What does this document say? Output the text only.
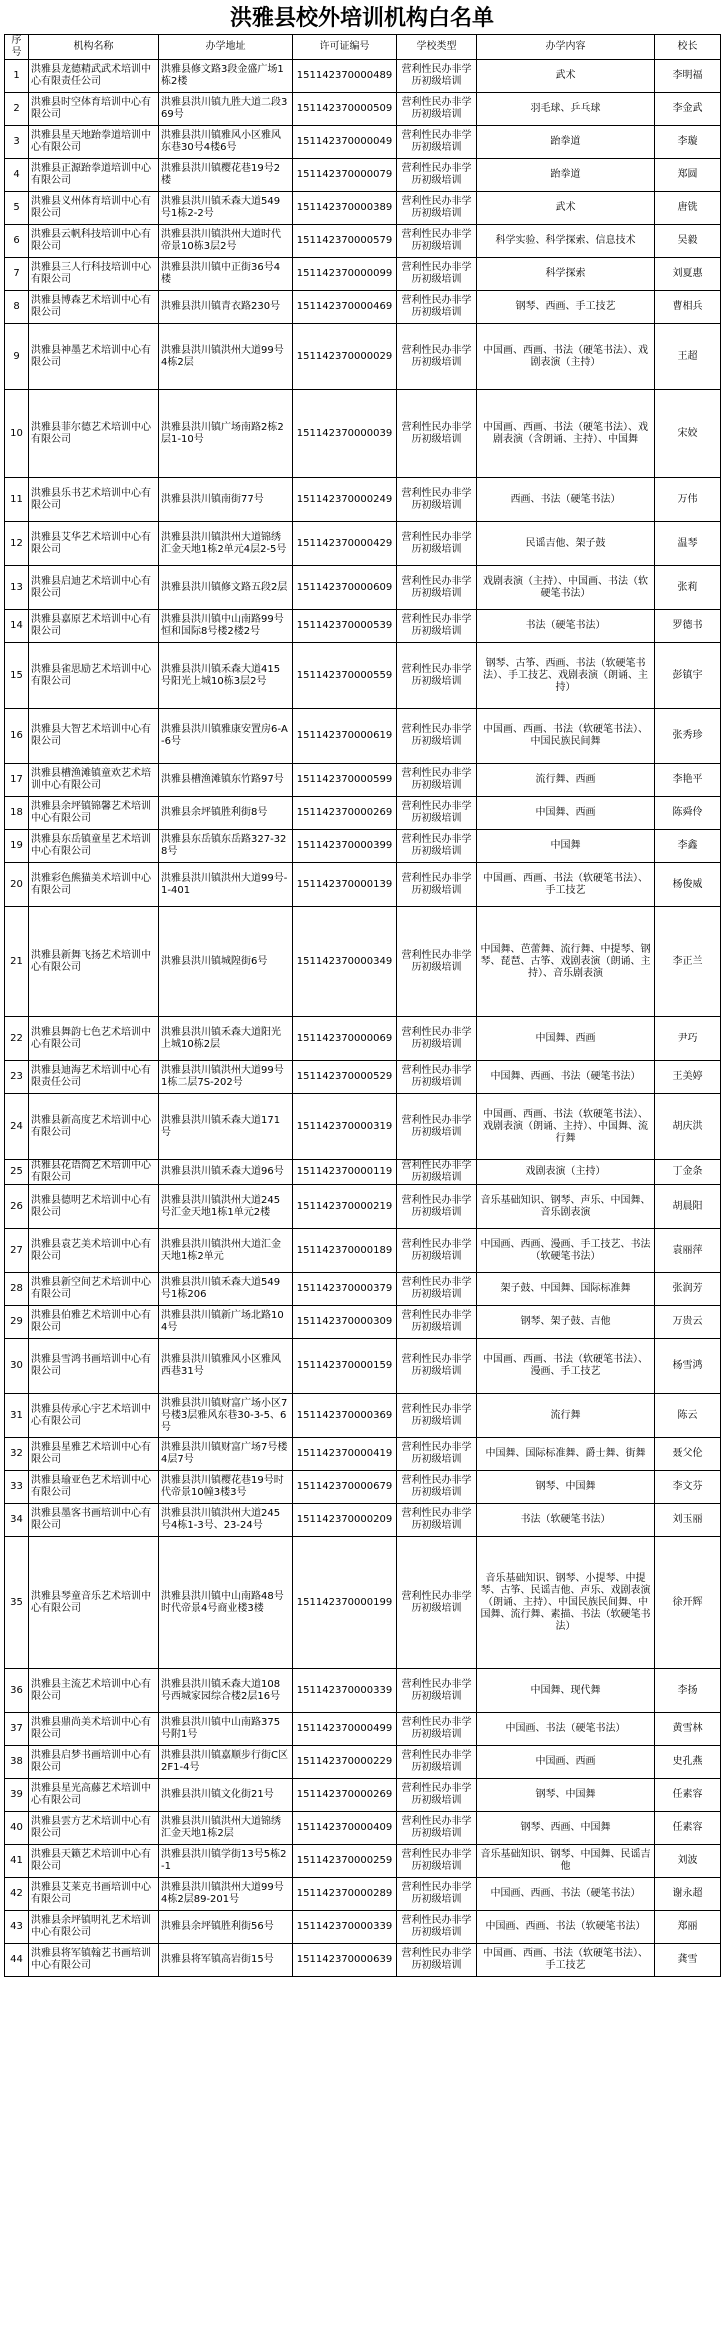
洪雅县校外培训机构白名单
序号	机构名称	办学地址	许可证编号	学校类型	办学内容	校长
1	洪雅县龙德精武武术培训中心有限责任公司	洪雅县修文路3段金盛广场1栋2楼	151142370000489	营利性民办非学历初级培训	武术	李明福
2	洪雅县时空体育培训中心有限公司	洪雅县洪川镇九胜大道二段369号	151142370000509	营利性民办非学历初级培训	羽毛球、乒乓球	李金武
3	洪雅县星天地跆拳道培训中心有限公司	洪雅县洪川镇雅风小区雅风东巷30号4楼6号	151142370000049	营利性民办非学历初级培训	跆拳道	李璇
4	洪雅县正源跆拳道培训中心有限公司	洪雅县洪川镇樱花巷19号2楼	151142370000079	营利性民办非学历初级培训	跆拳道	郑圆
5	洪雅县义州体育培训中心有限公司	洪雅县洪川镇禾森大道549号1栋2-2号	151142370000389	营利性民办非学历初级培训	武术	唐铣
6	洪雅县云帆科技培训中心有限公司	洪雅县洪川镇洪州大道时代帝景10栋3层2号	151142370000579	营利性民办非学历初级培训	科学实验、科学探索、信息技术	吴毅
7	洪雅县三人行科技培训中心有限公司	洪雅县洪川镇中正街36号4楼	151142370000099	营利性民办非学历初级培训	科学探索	刘夏惠
8	洪雅县博森艺术培训中心有限公司	洪雅县洪川镇青衣路230号	151142370000469	营利性民办非学历初级培训	钢琴、西画、手工技艺	曹相兵
9	洪雅县神墨艺术培训中心有限公司	洪雅县洪川镇洪州大道99号4栋2层	151142370000029	营利性民办非学历初级培训	中国画、西画、书法（硬笔书法）、戏剧表演（主持）	王超
10	洪雅县菲尔德艺术培训中心有限公司	洪雅县洪川镇广场南路2栋2层1-10号	151142370000039	营利性民办非学历初级培训	中国画、西画、书法（硬笔书法）、戏剧表演（含朗诵、主持）、中国舞	宋姣
11	洪雅县乐书艺术培训中心有限公司	洪雅县洪川镇南街77号	151142370000249	营利性民办非学历初级培训	西画、书法（硬笔书法）	万伟
12	洪雅县艾华艺术培训中心有限公司	洪雅县洪川镇洪州大道锦绣汇金天地1栋2单元4层2-5号	151142370000429	营利性民办非学历初级培训	民谣吉他、架子鼓	温琴
13	洪雅县启迪艺术培训中心有限公司	洪雅县洪川镇修文路五段2层	151142370000609	营利性民办非学历初级培训	戏剧表演（主持）、中国画、书法（软硬笔书法）	张莉
14	洪雅县嘉原艺术培训中心有限公司	洪雅县洪川镇中山南路99号恒和国际8号楼2楼2号	151142370000539	营利性民办非学历初级培训	书法（硬笔书法）	罗德书
15	洪雅县雀思励艺术培训中心有限公司	洪雅县洪川镇禾森大道415号阳光上城10栋3层2号	151142370000559	营利性民办非学历初级培训	钢琴、古筝、西画、书法（软硬笔书法）、手工技艺、戏剧表演（朗诵、主持）	彭镇宇
16	洪雅县大智艺术培训中心有限公司	洪雅县洪川镇雅康安置房6-A-6号	151142370000619	营利性民办非学历初级培训	中国画、西画、书法（软硬笔书法）、中国民族民间舞	张秀珍
17	洪雅县槽渔滩镇童欢艺术培训中心有限公司	洪雅县槽渔滩镇东竹路97号	151142370000599	营利性民办非学历初级培训	流行舞、西画	李艳平
18	洪雅县余坪镇锦馨艺术培训中心有限公司	洪雅县余坪镇胜利街8号	151142370000269	营利性民办非学历初级培训	中国舞、西画	陈舜伶
19	洪雅县东岳镇童星艺术培训中心有限公司	洪雅县东岳镇东岳路327-328号	151142370000399	营利性民办非学历初级培训	中国舞	李鑫
20	洪雅彩色熊猫美术培训中心有限公司	洪雅县洪川镇洪州大道99号-1-401	151142370000139	营利性民办非学历初级培训	中国画、西画、书法（软硬笔书法）、手工技艺	杨俊威
21	洪雅县新舞飞扬艺术培训中心有限公司	洪雅县洪川镇城隍街6号	151142370000349	营利性民办非学历初级培训	中国舞、芭蕾舞、流行舞、中提琴、钢琴、琵琶、古筝、戏剧表演（朗诵、主持）、音乐剧表演	李正兰
22	洪雅县舞韵七色艺术培训中心有限公司	洪雅县洪川镇禾森大道阳光上城10栋2层	151142370000069	营利性民办非学历初级培训	中国舞、西画	尹巧
23	洪雅县迪海艺术培训中心有限责任公司	洪雅县洪川镇洪州大道99号1栋二层7S-202号	151142370000529	营利性民办非学历初级培训	中国舞、西画、书法（硬笔书法）	王美婷
24	洪雅县新高度艺术培训中心有限公司	洪雅县洪川镇禾森大道171号	151142370000319	营利性民办非学历初级培训	中国画、西画、书法（软硬笔书法）、戏剧表演（朗诵、主持）、中国舞、流行舞	胡庆洪
25	洪雅县花语简艺术培训中心有限公司	洪雅县洪川镇禾森大道96号	151142370000119	营利性民办非学历初级培训	戏剧表演（主持）	丁金条
26	洪雅县德明艺术培训中心有限公司	洪雅县洪川镇洪州大道245号汇金天地1栋1单元2楼	151142370000219	营利性民办非学历初级培训	音乐基础知识、钢琴、声乐、中国舞、音乐剧表演	胡晨阳
27	洪雅县袁艺美术培训中心有限公司	洪雅县洪川镇洪州大道汇金天地1栋2单元	151142370000189	营利性民办非学历初级培训	中国画、西画、漫画、手工技艺、书法（软硬笔书法）	袁丽萍
28	洪雅县新空间艺术培训中心有限公司	洪雅县洪川镇禾森大道549号1栋206	151142370000379	营利性民办非学历初级培训	架子鼓、中国舞、国际标准舞	张润芳
29	洪雅县伯雅艺术培训中心有限公司	洪雅县洪川镇新广场北路104号	151142370000309	营利性民办非学历初级培训	钢琴、架子鼓、吉他	万贵云
30	洪雅县雪鸿书画培训中心有限公司	洪雅县洪川镇雅风小区雅风西巷31号	151142370000159	营利性民办非学历初级培训	中国画、西画、书法（软硬笔书法）、漫画、手工技艺	杨雪鸿
31	洪雅县传承心宇艺术培训中心有限公司	洪雅县洪川镇财富广场小区7号楼3层雅风东巷30-3-5、6号	151142370000369	营利性民办非学历初级培训	流行舞	陈云
32	洪雅县星雅艺术培训中心有限公司	洪雅县洪川镇财富广场7号楼4层7号	151142370000419	营利性民办非学历初级培训	中国舞、国际标准舞、爵士舞、街舞	聂父伦
33	洪雅县瑜亚色艺术培训中心有限公司	洪雅县洪川镇樱花巷19号时代帝景10幢3楼3号	151142370000679	营利性民办非学历初级培训	钢琴、中国舞	李文芬
34	洪雅县墨客书画培训中心有限公司	洪雅县洪川镇洪州大道245号4栋1-3号、23-24号	151142370000209	营利性民办非学历初级培训	书法（软硬笔书法）	刘玉丽
35	洪雅县琴童音乐艺术培训中心有限公司	洪雅县洪川镇中山南路48号时代帝景4号商业楼3楼	151142370000199	营利性民办非学历初级培训	音乐基础知识、钢琴、小提琴、中提琴、古筝、民谣吉他、声乐、戏剧表演（朗诵、主持）、中国民族民间舞、中国舞、流行舞、素描、书法（软硬笔书法）	徐开辉
36	洪雅县主流艺术培训中心有限公司	洪雅县洪川镇禾森大道108号西城家园综合楼2层16号	151142370000339	营利性民办非学历初级培训	中国舞、现代舞	李扬
37	洪雅县鼎尚美术培训中心有限公司	洪雅县洪川镇中山南路375号附1号	151142370000499	营利性民办非学历初级培训	中国画、书法（硬笔书法）	黄雪林
38	洪雅县启梦书画培训中心有限公司	洪雅县洪川镇嘉顺步行街C区2F1-4号	151142370000229	营利性民办非学历初级培训	中国画、西画	史孔燕
39	洪雅县星光高藤艺术培训中心有限公司	洪雅县洪川镇文化街21号	151142370000269	营利性民办非学历初级培训	钢琴、中国舞	任素容
40	洪雅县雲方艺术培训中心有限公司	洪雅县洪川镇洪州大道锦绣汇金天地1栋2层	151142370000409	营利性民办非学历初级培训	钢琴、西画、中国舞	任素容
41	洪雅县天籁艺术培训中心有限公司	洪雅县洪川镇学街13号5栋2-1	151142370000259	营利性民办非学历初级培训	音乐基础知识、钢琴、中国舞、民谣吉他	刘波
42	洪雅县艾莱克书画培训中心有限公司	洪雅县洪川镇洪州大道99号4栋2层89-201号	151142370000289	营利性民办非学历初级培训	中国画、西画、书法（硬笔书法）	谢永超
43	洪雅县余坪镇明礼艺术培训中心有限公司	洪雅县余坪镇胜利街56号	151142370000339	营利性民办非学历初级培训	中国画、西画、书法（软硬笔书法）	郑丽
44	洪雅县将军镇翰艺书画培训中心有限公司	洪雅县将军镇高岩街15号	151142370000639	营利性民办非学历初级培训	中国画、西画、书法（软硬笔书法）、手工技艺	龚雪
